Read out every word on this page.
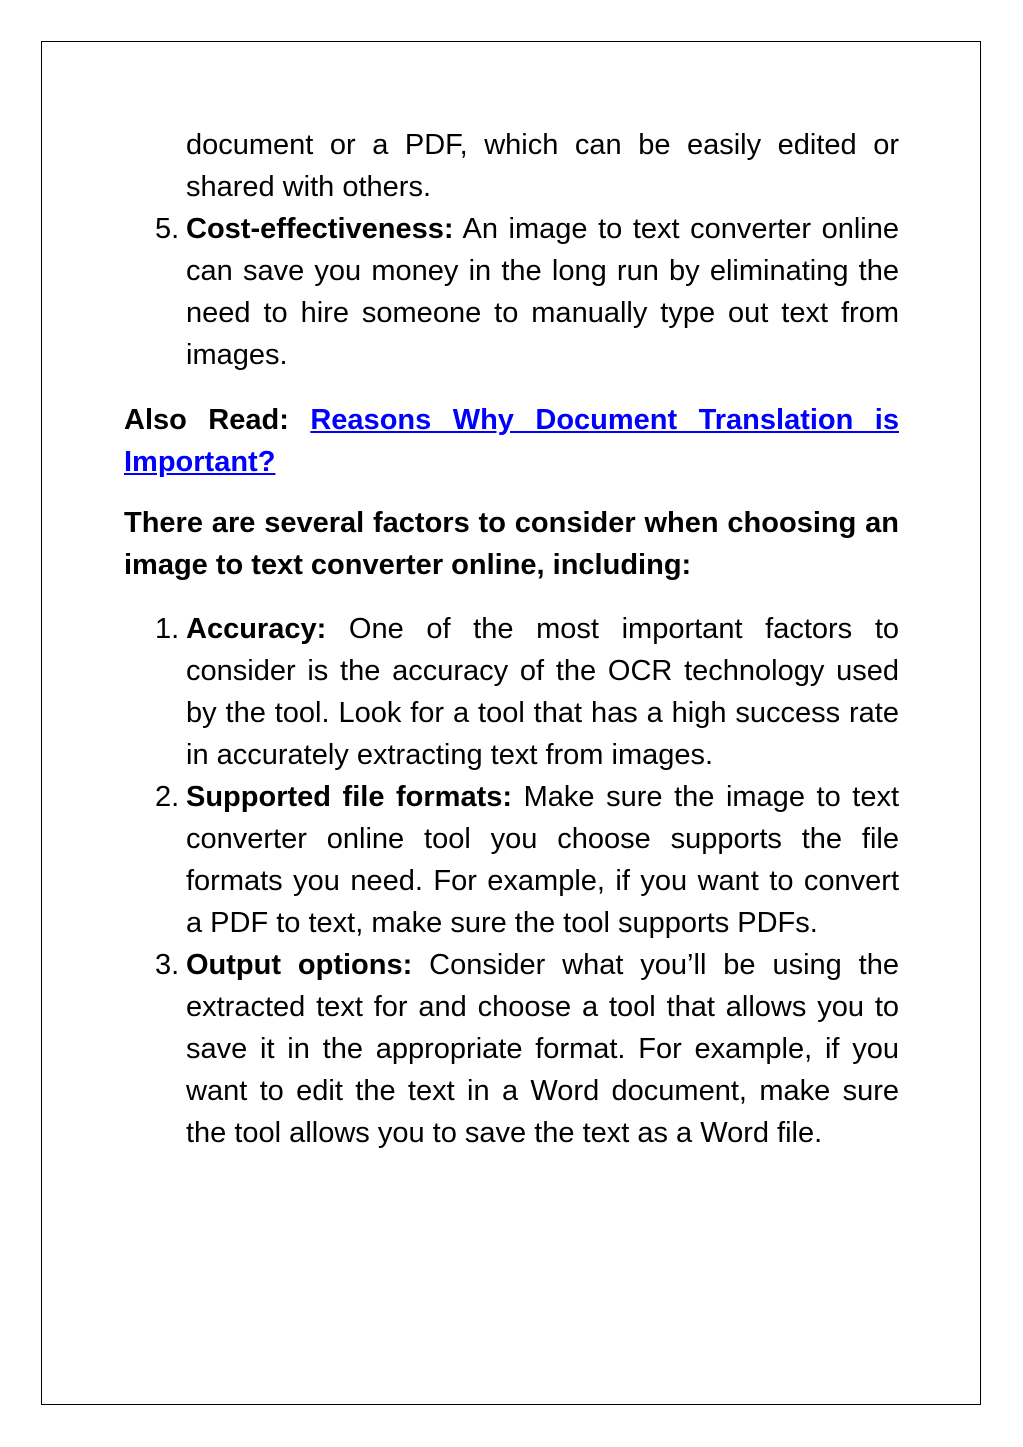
document or a PDF, which can be easily edited or shared with others.
5. Cost-effectiveness: An image to text converter online can save you money in the long run by eliminating the need to hire someone to manually type out text from images.

Also Read: Reasons Why Document Translation is Important?

There are several factors to consider when choosing an image to text converter online, including:

1. Accuracy: One of the most important factors to consider is the accuracy of the OCR technology used by the tool. Look for a tool that has a high success rate in accurately extracting text from images.
2. Supported file formats: Make sure the image to text converter online tool you choose supports the file formats you need. For example, if you want to convert a PDF to text, make sure the tool supports PDFs.
3. Output options: Consider what you’ll be using the extracted text for and choose a tool that allows you to save it in the appropriate format. For example, if you want to edit the text in a Word document, make sure the tool allows you to save the text as a Word file.
